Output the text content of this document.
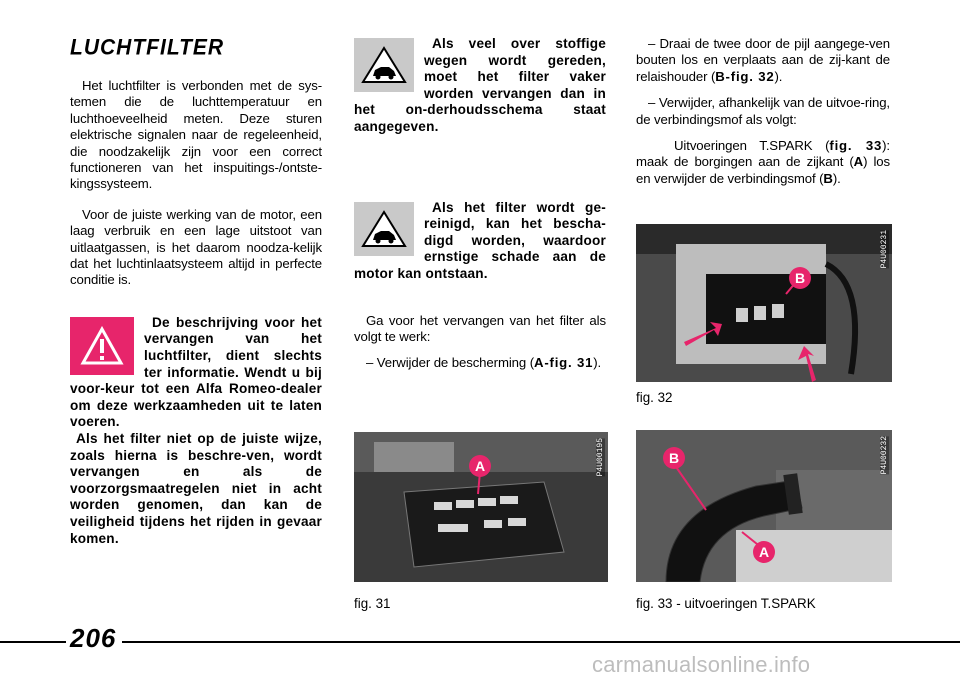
LUCHTFILTER

Het luchtfilter is verbonden met de sys-temen die de luchttemperatuur en luchthoeveelheid meten. Deze sturen elektrische signalen naar de regeleenheid, die noodzakelijk zijn voor een correct functioneren van het inspuitings-/ontste-kingssysteem.

Voor de juiste werking van de motor, een laag verbruik en een lage uitstoot van uitlaatgassen, is het daarom noodza-kelijk dat het luchtinlaatsysteem altijd in perfecte conditie is.

De beschrijving voor het vervangen van het luchtfilter, dient slechts ter informatie. Wendt u bij voor-keur tot een Alfa Romeo-dealer om deze werkzaamheden uit te laten voeren.

Als het filter niet op de juiste wijze, zoals hierna is beschre-ven, wordt vervangen en als de voorzorgsmaatregelen niet in acht worden genomen, dan kan de veiligheid tijdens het rijden in gevaar komen.

Als veel over stoffige wegen wordt gereden, moet het filter vaker worden vervangen dan in het on-derhoudsschema staat aangegeven.

Als het filter wordt ge-reinigd, kan het bescha-digd worden, waardoor ernstige schade aan de motor kan ontstaan.

Ga voor het vervangen van het filter als volgt te werk:

– Verwijder de bescherming (A-fig. 31).

A	P4U00195
fig. 31

– Draai de twee door de pijl aangege-ven bouten los en verplaats aan de zij-kant de relaishouder (B-fig. 32).

– Verwijder, afhankelijk van de uitvoe-ring, de verbindingsmof als volgt:

Uitvoeringen T.SPARK (fig. 33): maak de borgingen aan de zijkant (A) los en verwijder de verbindingsmof (B).

B
P4U00231
fig. 32
B
A
P4U00232
fig. 33 - uitvoeringen T.SPARK
206
carmanualsonline.info
